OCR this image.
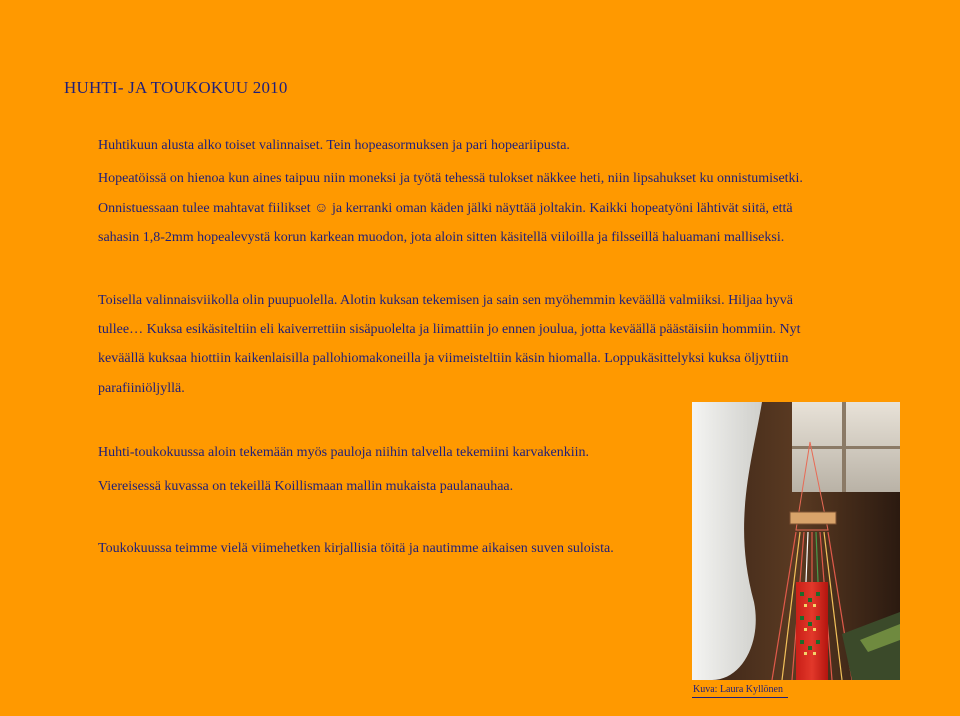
HUHTI- JA TOUKOKUU 2010
Huhtikuun alusta alko toiset valinnaiset. Tein hopeasormuksen ja pari hopeariipusta.
Hopeatöissä on hienoa kun aines taipuu niin moneksi ja työtä tehessä tulokset näkkee heti, niin lipsahukset ku onnistumisetki.
Onnistuessaan tulee mahtavat fiilikset ☺ ja kerranki oman käden jälki näyttää joltakin. Kaikki hopeatyöni lähtivät siitä, että
sahasin 1,8-2mm hopealevystä korun karkean muodon, jota aloin sitten käsitellä viiloilla ja filsseillä haluamani malliseksi.
Toisella valinnaisviikolla olin puupuolella. Alotin kuksan tekemisen ja sain sen myöhemmin keväällä valmiiksi. Hiljaa hyvä
tullee… Kuksa esikäsiteltiin eli kaiverrettiin sisäpuolelta ja liimattiin jo ennen joulua, jotta keväällä päästäisiin hommiin. Nyt
keväällä kuksaa hiottiin kaikenlaisilla pallohiomakoneilla ja viimeisteltiin käsin hiomalla. Loppukäsittelyksi kuksa öljyttiin
parafiiniöljyllä.
Huhti-toukokuussa aloin tekemään myös pauloja niihin talvella tekemiini karvakenkiin.
Viereisessä kuvassa on tekeillä Koillismaan mallin mukaista paulanauhaa.
Toukokuussa teimme vielä viimehetken kirjallisia töitä ja nautimme aikaisen suven suloista.
Kuva: Laura Kyllönen
